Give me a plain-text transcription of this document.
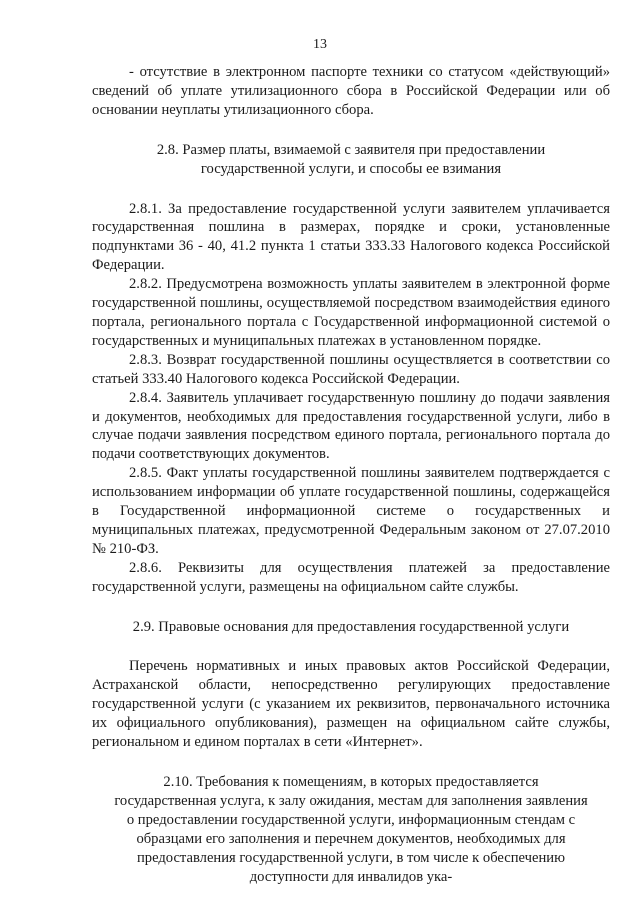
13

- отсутствие в электронном паспорте техники со статусом «действующий» сведений об уплате утилизационного сбора в Российской Федерации или об основании неуплаты утилизационного сбора.

2.8. Размер платы, взимаемой с заявителя при предоставлении государственной услуги, и способы ее взимания

2.8.1. За предоставление государственной услуги заявителем уплачивается государственная пошлина в размерах, порядке и сроки, установленные подпунктами 36 - 40, 41.2 пункта 1 статьи 333.33 Налогового кодекса Российской Федерации.

2.8.2. Предусмотрена возможность уплаты заявителем в электронной форме государственной пошлины, осуществляемой посредством взаимодействия единого портала, регионального портала с Государственной информационной системой о государственных и муниципальных платежах в установленном порядке.

2.8.3. Возврат государственной пошлины осуществляется в соответствии со статьей 333.40 Налогового кодекса Российской Федерации.

2.8.4. Заявитель уплачивает государственную пошлину до подачи заявления и документов, необходимых для предоставления государственной услуги, либо в случае подачи заявления посредством единого портала, регионального портала до подачи соответствующих документов.

2.8.5. Факт уплаты государственной пошлины заявителем подтверждается с использованием информации об уплате государственной пошлины, содержащейся в Государственной информационной системе о государственных и муниципальных платежах, предусмотренной Федеральным законом от 27.07.2010 № 210-ФЗ.

2.8.6. Реквизиты для осуществления платежей за предоставление государственной услуги, размещены на официальном сайте службы.

2.9. Правовые основания для предоставления государственной услуги

Перечень нормативных и иных правовых актов Российской Федерации, Астраханской области, непосредственно регулирующих предоставление государственной услуги (с указанием их реквизитов, первоначального источника их официального опубликования), размещен на официальном сайте службы, региональном и едином порталах в сети «Интернет».

2.10. Требования к помещениям, в которых предоставляется государственная услуга, к залу ожидания, местам для заполнения заявления о предоставлении государственной услуги, информационным стендам с образцами его заполнения и перечнем документов, необходимых для предоставления государственной услуги, в том числе к обеспечению доступности для инвалидов ука-
